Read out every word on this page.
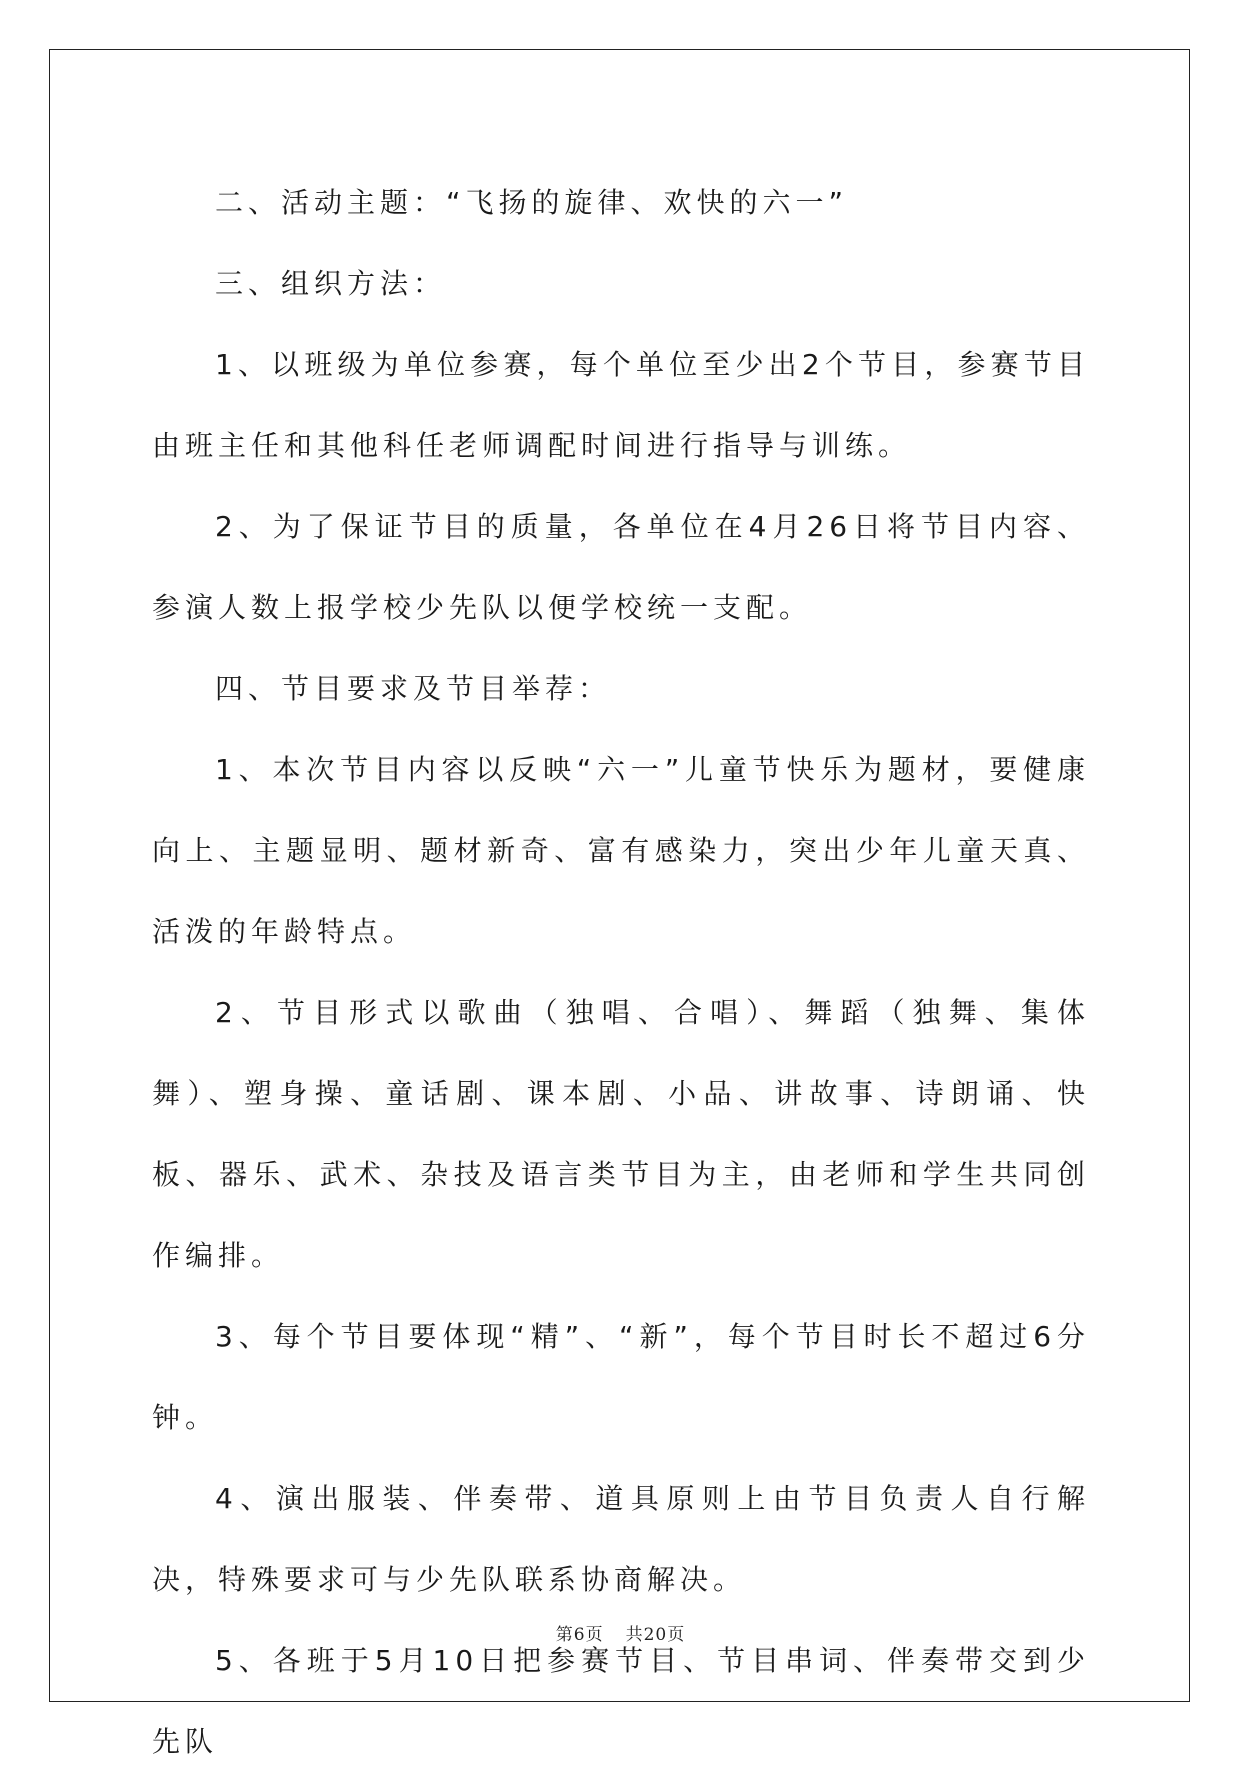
二、活动主题：“飞扬的旋律、欢快的六一”

三、组织方法：

1、以班级为单位参赛，每个单位至少出2个节目，参赛节目由班主任和其他科任老师调配时间进行指导与训练。

2、为了保证节目的质量，各单位在4月26日将节目内容、参演人数上报学校少先队以便学校统一支配。

四、节目要求及节目举荐：

1、本次节目内容以反映“六一”儿童节快乐为题材，要健康向上、主题显明、题材新奇、富有感染力，突出少年儿童天真、活泼的年龄特点。

2、节目形式以歌曲（独唱、合唱）、舞蹈（独舞、集体舞）、塑身操、童话剧、课本剧、小品、讲故事、诗朗诵、快板、器乐、武术、杂技及语言类节目为主，由老师和学生共同创作编排。

3、每个节目要体现“精”、“新”，每个节目时长不超过6分钟。

4、演出服装、伴奏带、道具原则上由节目负责人自行解决，特殊要求可与少先队联系协商解决。

5、各班于5月10日把参赛节目、节目串词、伴奏带交到少先队

第6页 共20页
